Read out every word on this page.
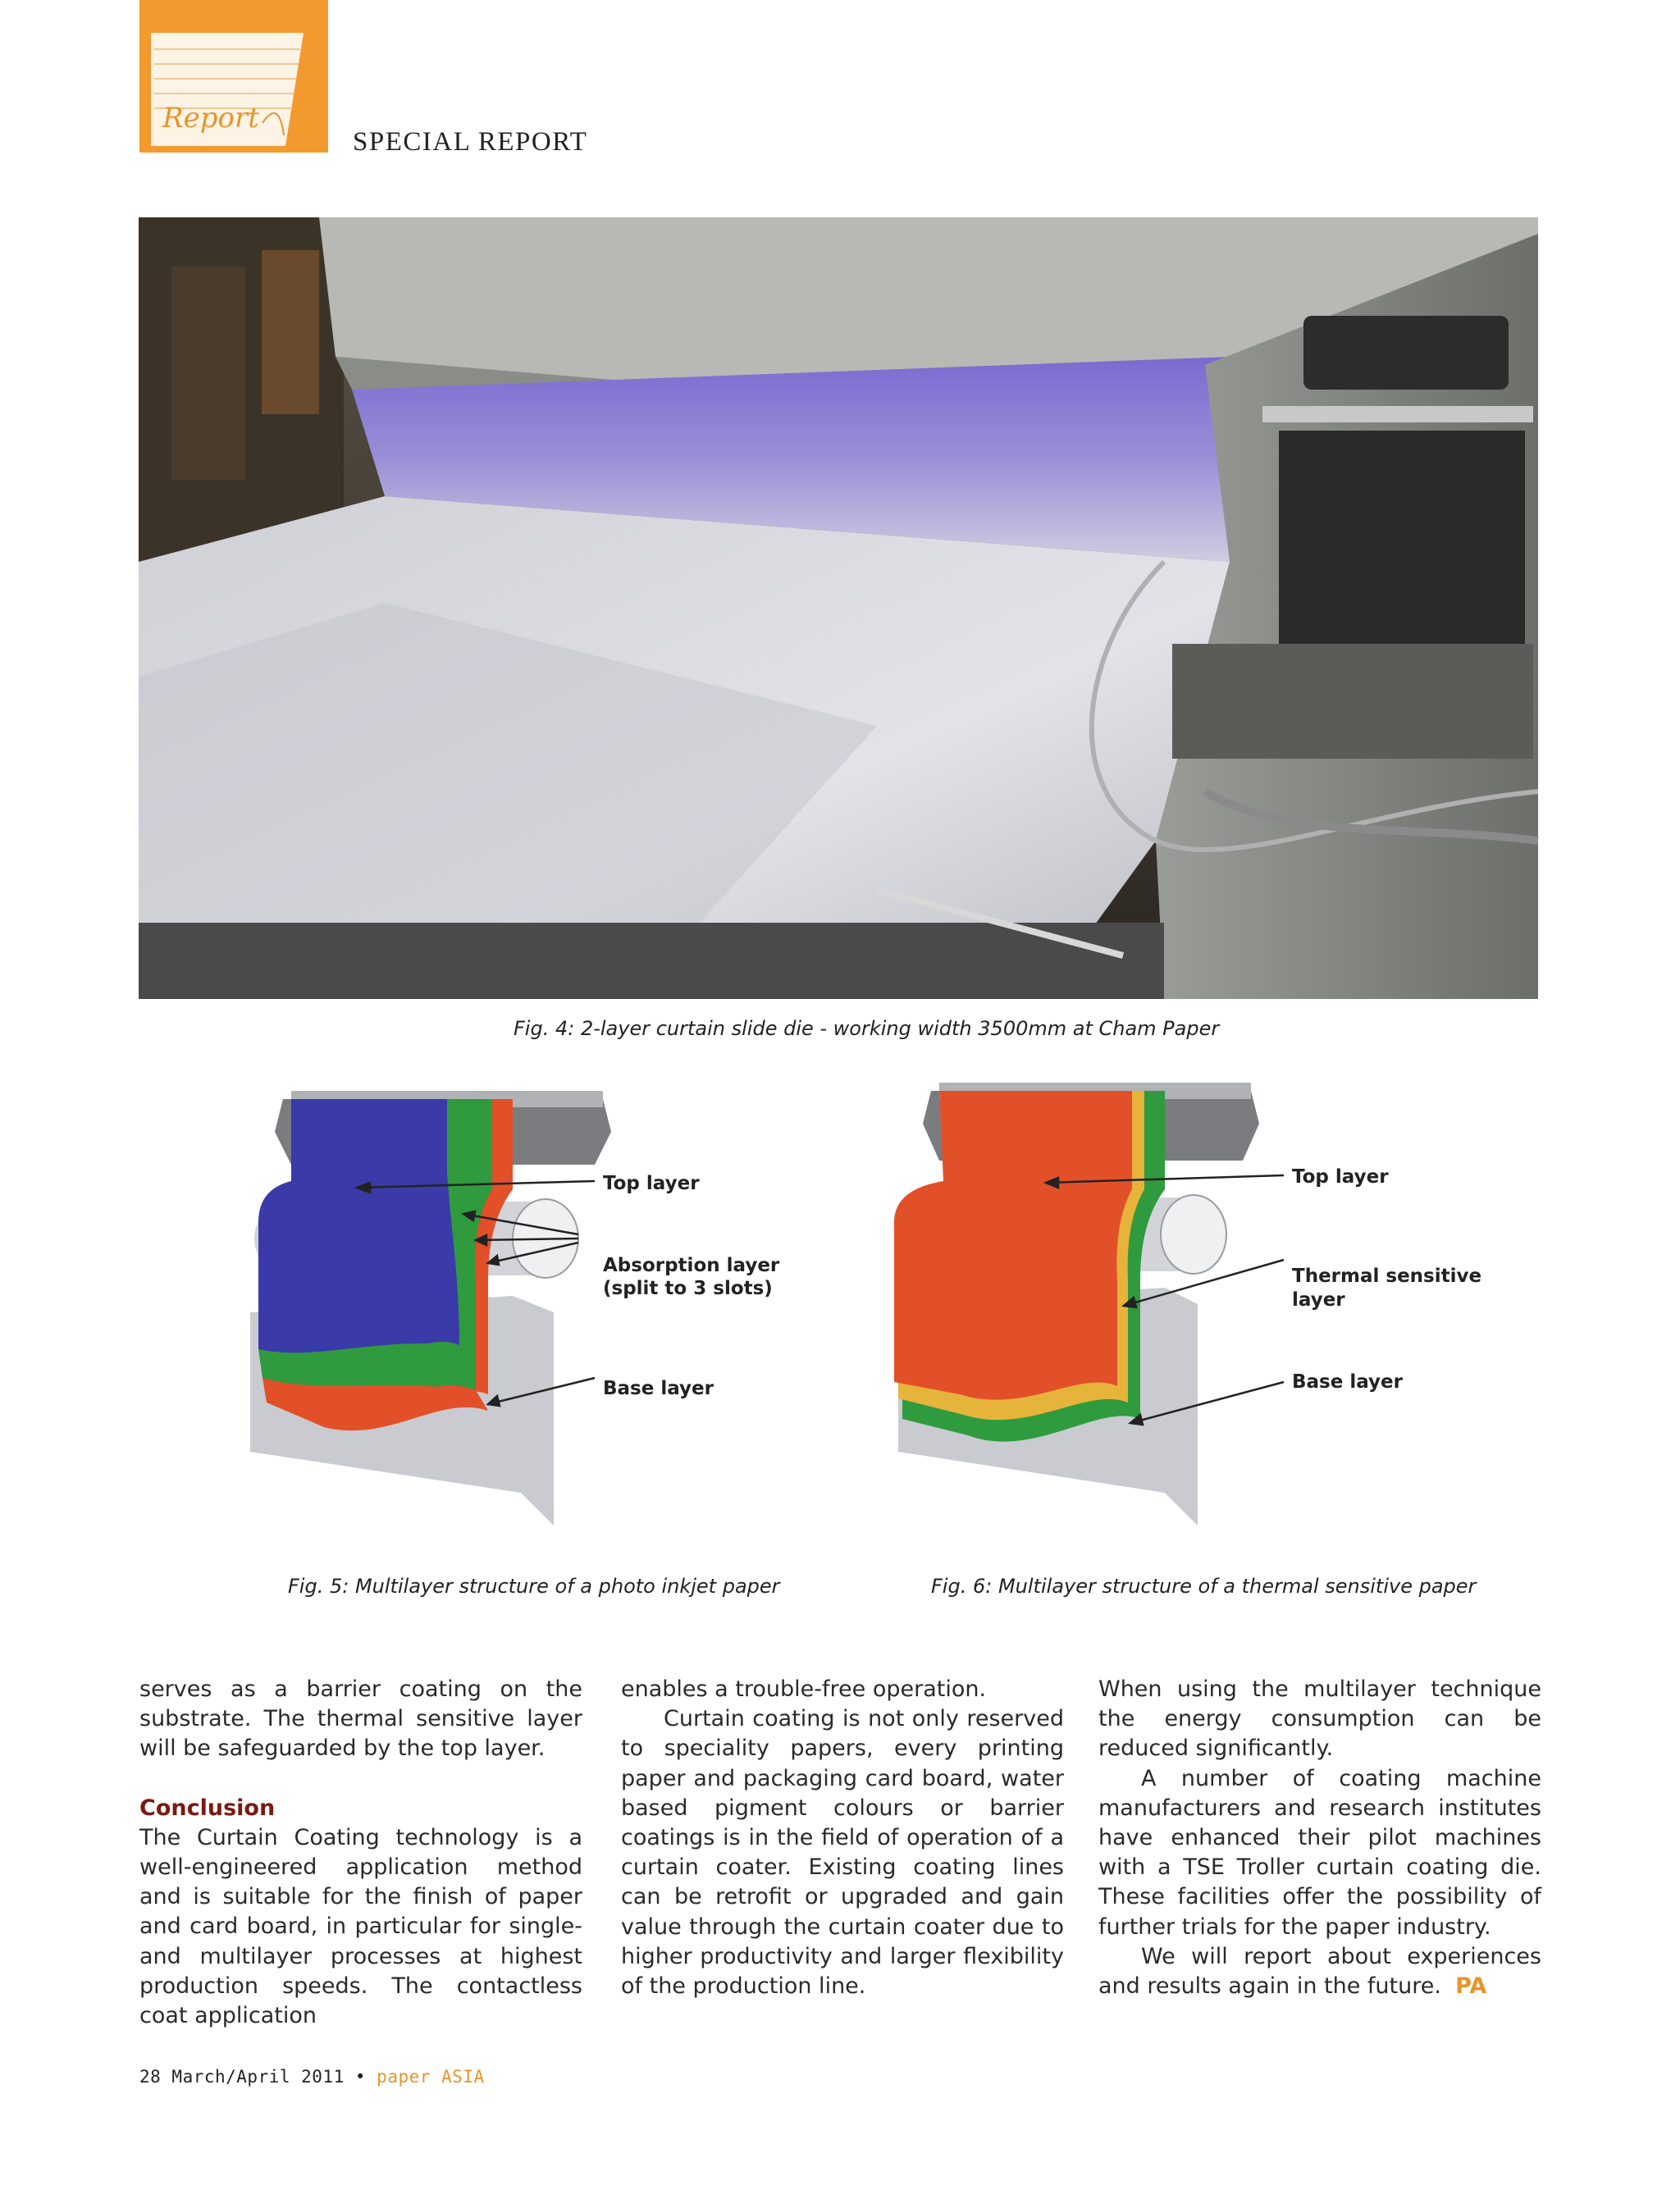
Report
SPECIAL REPORT
Fig. 4: 2-layer curtain slide die - working width 3500mm at Cham Paper
Top layer
Absorption layer
(split to 3 slots)
Base layer
Top layer
Thermal sensitive
layer
Base layer
Fig. 5: Multilayer structure of a photo inkjet paper	Fig. 6: Multilayer structure of a thermal sensitive paper

serves as a barrier coating on the substrate. The thermal sensitive layer will be safeguarded by the top layer.

Conclusion

The Curtain Coating technology is a well-engineered application method and is suitable for the finish of paper and card board, in particular for single- and multilayer processes at highest production speeds. The contactless coat application

enables a trouble-free operation.

Curtain coating is not only reserved to speciality papers, every printing paper and packaging card board, water based pigment colours or barrier coatings is in the field of operation of a curtain coater. Existing coating lines can be retrofit or upgraded and gain value through the curtain coater due to higher productivity and larger flexibility of the production line.

When using the multilayer technique the energy consumption can be reduced significantly.

A number of coating machine manufacturers and research institutes have enhanced their pilot machines with a TSE Troller curtain coating die. These facilities offer the possibility of further trials for the paper industry.

We will report about experiences and results again in the future. PA

28 March/April 2011 • paper ASIA
